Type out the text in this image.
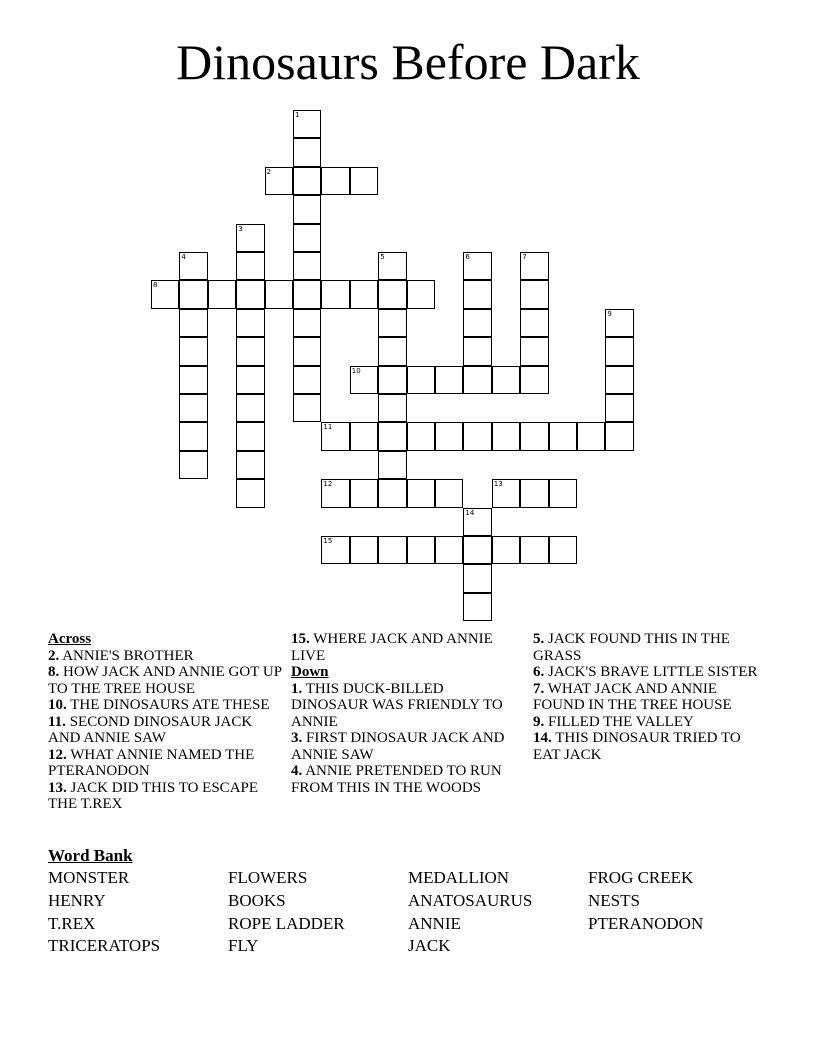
Dinosaurs Before Dark
1
2
3
4	5	6	7
8
9
10
11
12	13
14
15
Across
2. ANNIE'S BROTHER
8. HOW JACK AND ANNIE GOT UP TO THE TREE HOUSE
10. THE DINOSAURS ATE THESE
11. SECOND DINOSAUR JACK AND ANNIE SAW
12. WHAT ANNIE NAMED THE PTERANODON
13. JACK DID THIS TO ESCAPE THE T.REX
15. WHERE JACK AND ANNIE LIVE
Down
1. THIS DUCK-BILLED DINOSAUR WAS FRIENDLY TO ANNIE
3. FIRST DINOSAUR JACK AND ANNIE SAW
4. ANNIE PRETENDED TO RUN FROM THIS IN THE WOODS
5. JACK FOUND THIS IN THE GRASS
6. JACK'S BRAVE LITTLE SISTER
7. WHAT JACK AND ANNIE FOUND IN THE TREE HOUSE
9. FILLED THE VALLEY
14. THIS DINOSAUR TRIED TO EAT JACK
Word Bank
MONSTER
HENRY
T.REX
TRICERATOPS
FLOWERS
BOOKS
ROPE LADDER
FLY
MEDALLION
ANATOSAURUS
ANNIE
JACK
FROG CREEK
NESTS
PTERANODON
